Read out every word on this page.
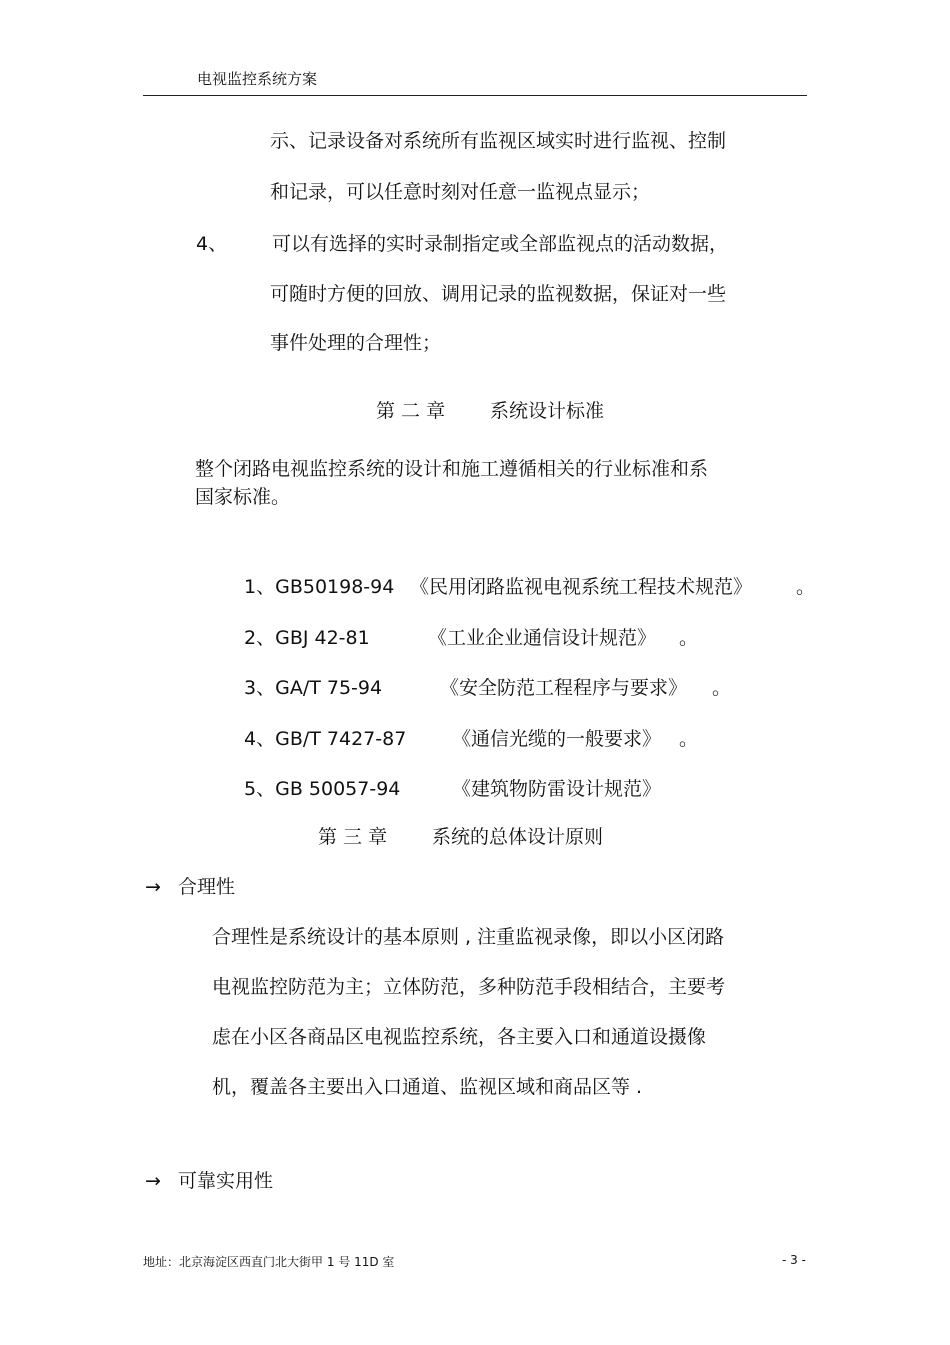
电视监控系统方案
示、记录设备对系统所有监视区域实时进行监视、控制
和记录，可以任意时刻对任意一监视点显示；
4、 可以有选择的实时录制指定或全部监视点的活动数据，
可随时方便的回放、调用记录的监视数据，保证对一些
事件处理的合理性；
第 二 章 系统设计标准
整个闭路电视监控系统的设计和施工遵循相关的行业标准和系
国家标准。
1、GB50198-94 《民用闭路监视电视系统工程技术规范》 。
2、GBJ 42-81	《工业企业通信设计规范》 。
3、GA/T 75-94	《安全防范工程程序与要求》 。
4、GB/T 7427-87 《通信光缆的一般要求》 。
5、GB 50057-94	《建筑物防雷设计规范》
第 三 章 系统的总体设计原则
→ 合理性
合理性是系统设计的基本原则 , 注重监视录像，即以小区闭路
电视监控防范为主；立体防范，多种防范手段相结合，主要考
虑在小区各商品区电视监控系统，各主要入口和通道设摄像
机，覆盖各主要出入口通道、监视区域和商品区等 .
→ 可靠实用性
地址：北京海淀区西直门北大街甲 1 号 11D 室	- 3 -
